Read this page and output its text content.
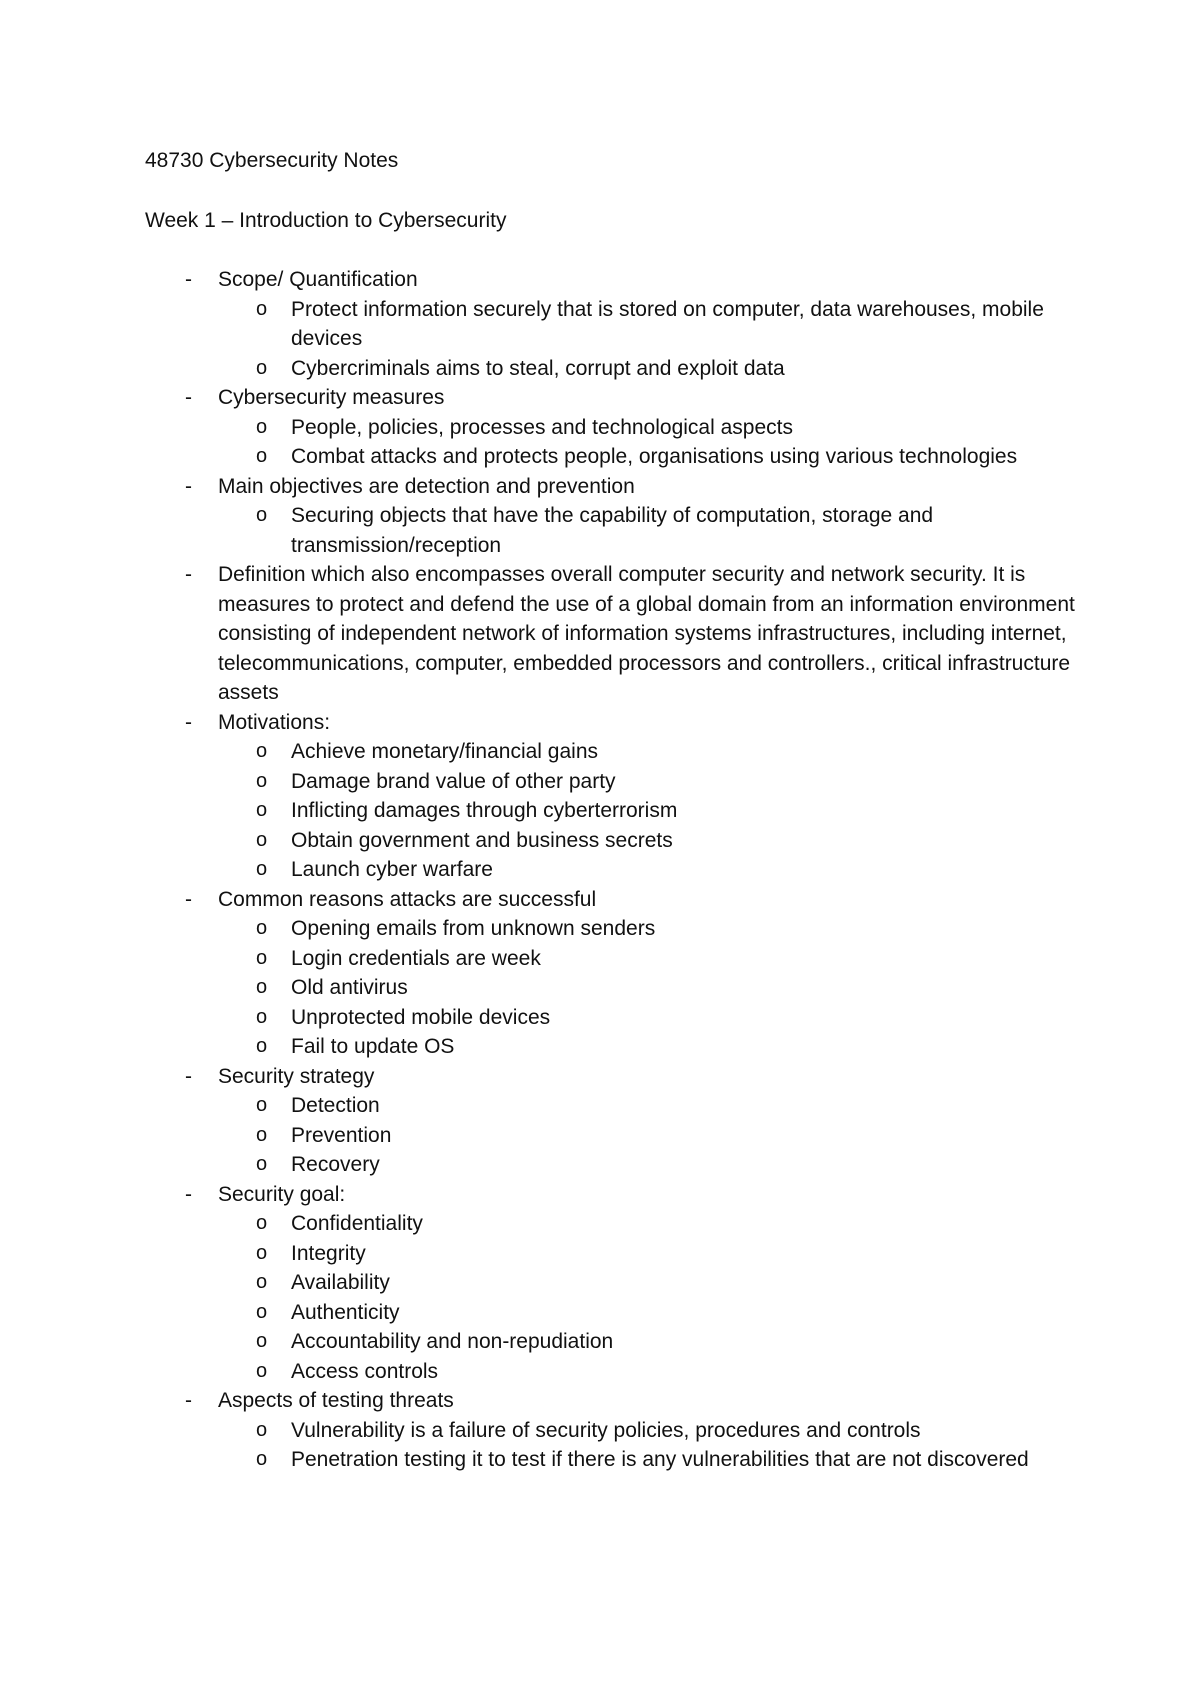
48730 Cybersecurity Notes

Week 1 – Introduction to Cybersecurity

- Scope/ Quantification
o Protect information securely that is stored on computer, data warehouses, mobile devices
o Cybercriminals aims to steal, corrupt and exploit data
- Cybersecurity measures
o People, policies, processes and technological aspects
o Combat attacks and protects people, organisations using various technologies
- Main objectives are detection and prevention
o Securing objects that have the capability of computation, storage and transmission/reception
- Definition which also encompasses overall computer security and network security. It is measures to protect and defend the use of a global domain from an information environment consisting of independent network of information systems infrastructures, including internet, telecommunications, computer, embedded processors and controllers., critical infrastructure assets
- Motivations:
o Achieve monetary/financial gains
o Damage brand value of other party
o Inflicting damages through cyberterrorism
o Obtain government and business secrets
o Launch cyber warfare
- Common reasons attacks are successful
o Opening emails from unknown senders
o Login credentials are week
o Old antivirus
o Unprotected mobile devices
o Fail to update OS
- Security strategy
o Detection
o Prevention
o Recovery
- Security goal:
o Confidentiality
o Integrity
o Availability
o Authenticity
o Accountability and non-repudiation
o Access controls
- Aspects of testing threats
o Vulnerability is a failure of security policies, procedures and controls
o Penetration testing it to test if there is any vulnerabilities that are not discovered
